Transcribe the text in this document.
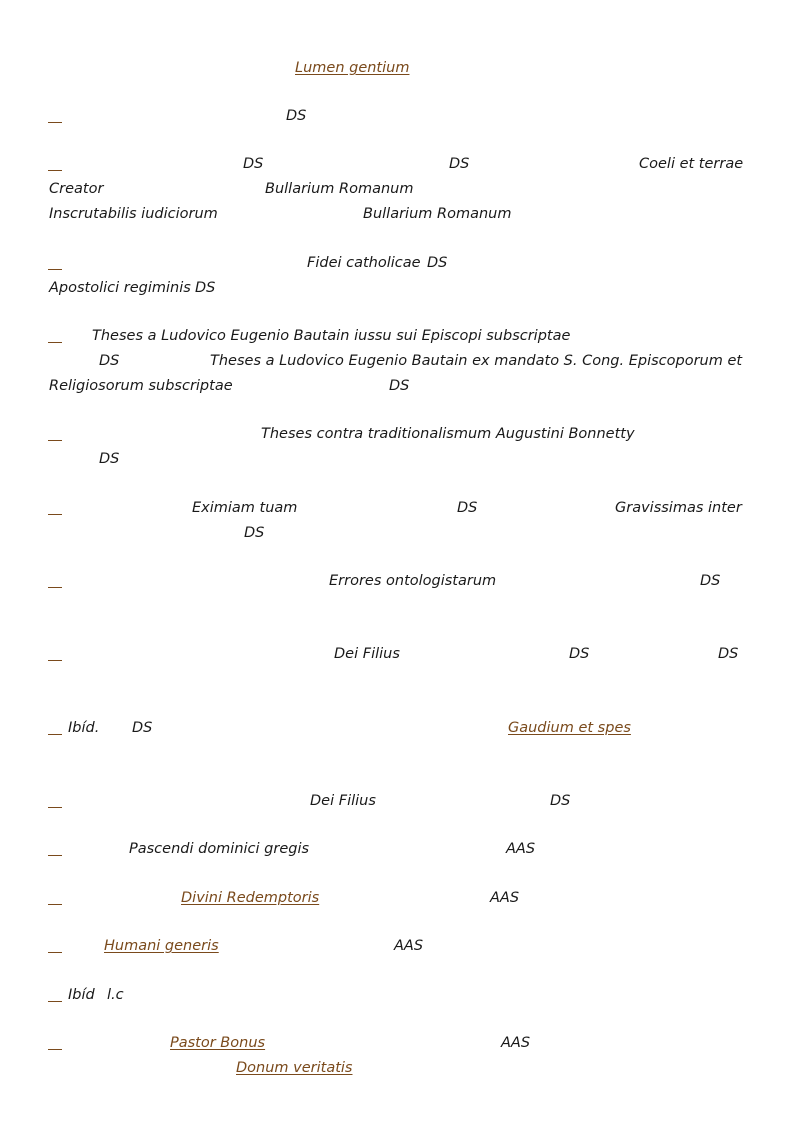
Lumen gentium
DS
DS	DS	Coeli et terrae
Creator	Bullarium Romanum
Inscrutabilis iudiciorum	Bullarium Romanum
Fidei catholicae DS
Apostolici regiminis DS
Theses a Ludovico Eugenio Bautain iussu sui Episcopi subscriptae
DS	Theses a Ludovico Eugenio Bautain ex mandato S. Cong. Episcoporum et
Religiosorum subscriptae	DS
Theses contra traditionalismum Augustini Bonnetty
DS
Eximiam tuam	DS	Gravissimas inter
DS
Errores ontologistarum	DS
Dei Filius	DS	DS
Ibíd. DS	Gaudium et spes
Dei Filius	DS
Pascendi dominici gregis	AAS
Divini Redemptoris	AAS
Humani generis	AAS
Ibíd l.c
Pastor Bonus	AAS
Donum veritatis
